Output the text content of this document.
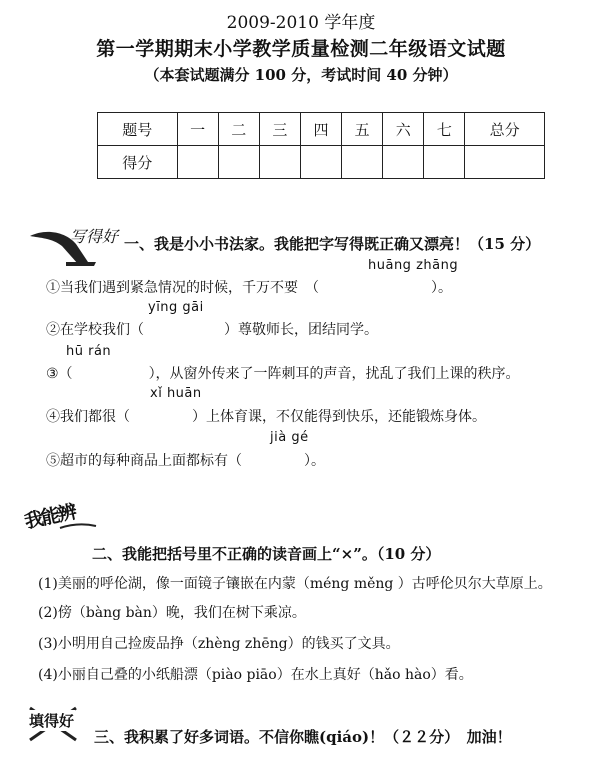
2009-2010 学年度
第一学期期末小学教学质量检测二年级语文试题
（本套试题满分 100 分，考试时间 40 分钟）
题号	一	二	三	四	五	六	七	总分
得分								
写得好 一、我是小小书法家。我能把字写得既正确又漂亮！（15 分）
huāng zhāng
①当我们遇到紧急情况的时候，千万不要　（	）。
yīng gāi
②在学校我们（	）尊敬师长，团结同学。
hū rán
③（	），从窗外传来了一阵刺耳的声音，扰乱了我们上课的秩序。
xǐ huān
④我们都很（	）上体育课，不仅能得到快乐，还能锻炼身体。
jià gé
⑤超市的每种商品上面都标有（	）。
我能辨
二、我能把括号里不正确的读音画上“×”。（10 分）
(1)美丽的呼伦湖，像一面镜子镶嵌在内蒙（méng měng ）古呼伦贝尔大草原上。
(2)傍（bàng bàn）晚，我们在树下乘凉。
(3)小明用自己捡废品挣（zhèng zhēng）的钱买了文具。
(4)小丽自己叠的小纸船漂（piào piāo）在水上真好（hǎo hào）看。
填得好
三、我积累了好多词语。不信你瞧(qiáo)！（２２分）　加油！
